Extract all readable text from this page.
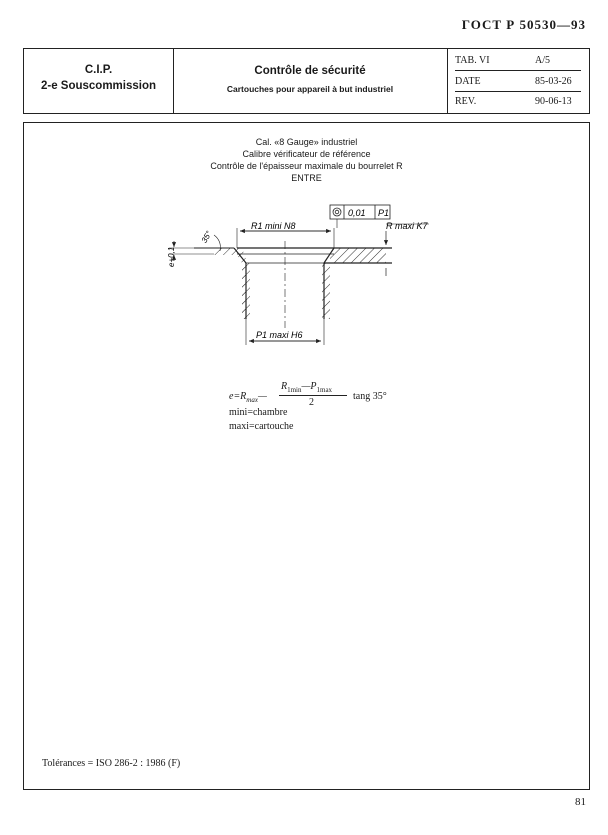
ГОСТ Р 50530—93
C.I.P.
2-e Souscommission
Contrôle de sécurité
Cartouches pour appareil à but industriel
TAB. VI	A/5
DATE	85-03-26
REV.	90-06-13
Cal. «8 Gauge» industriel
Calibre vérificateur de référence
Contrôle de l'épaisseur maximale du bourrelet R
ENTRE
R1 mini N8
0,01 P1
R maxi K7
35°
e+0,1
P1 maxi H6
$e=R_{max}—$
$R_{1min}—P_{1max}$
2
tang 35°
mini=chambre
maxi=cartouche
Tolérances = ISO 286-2 : 1986 (F)
81
